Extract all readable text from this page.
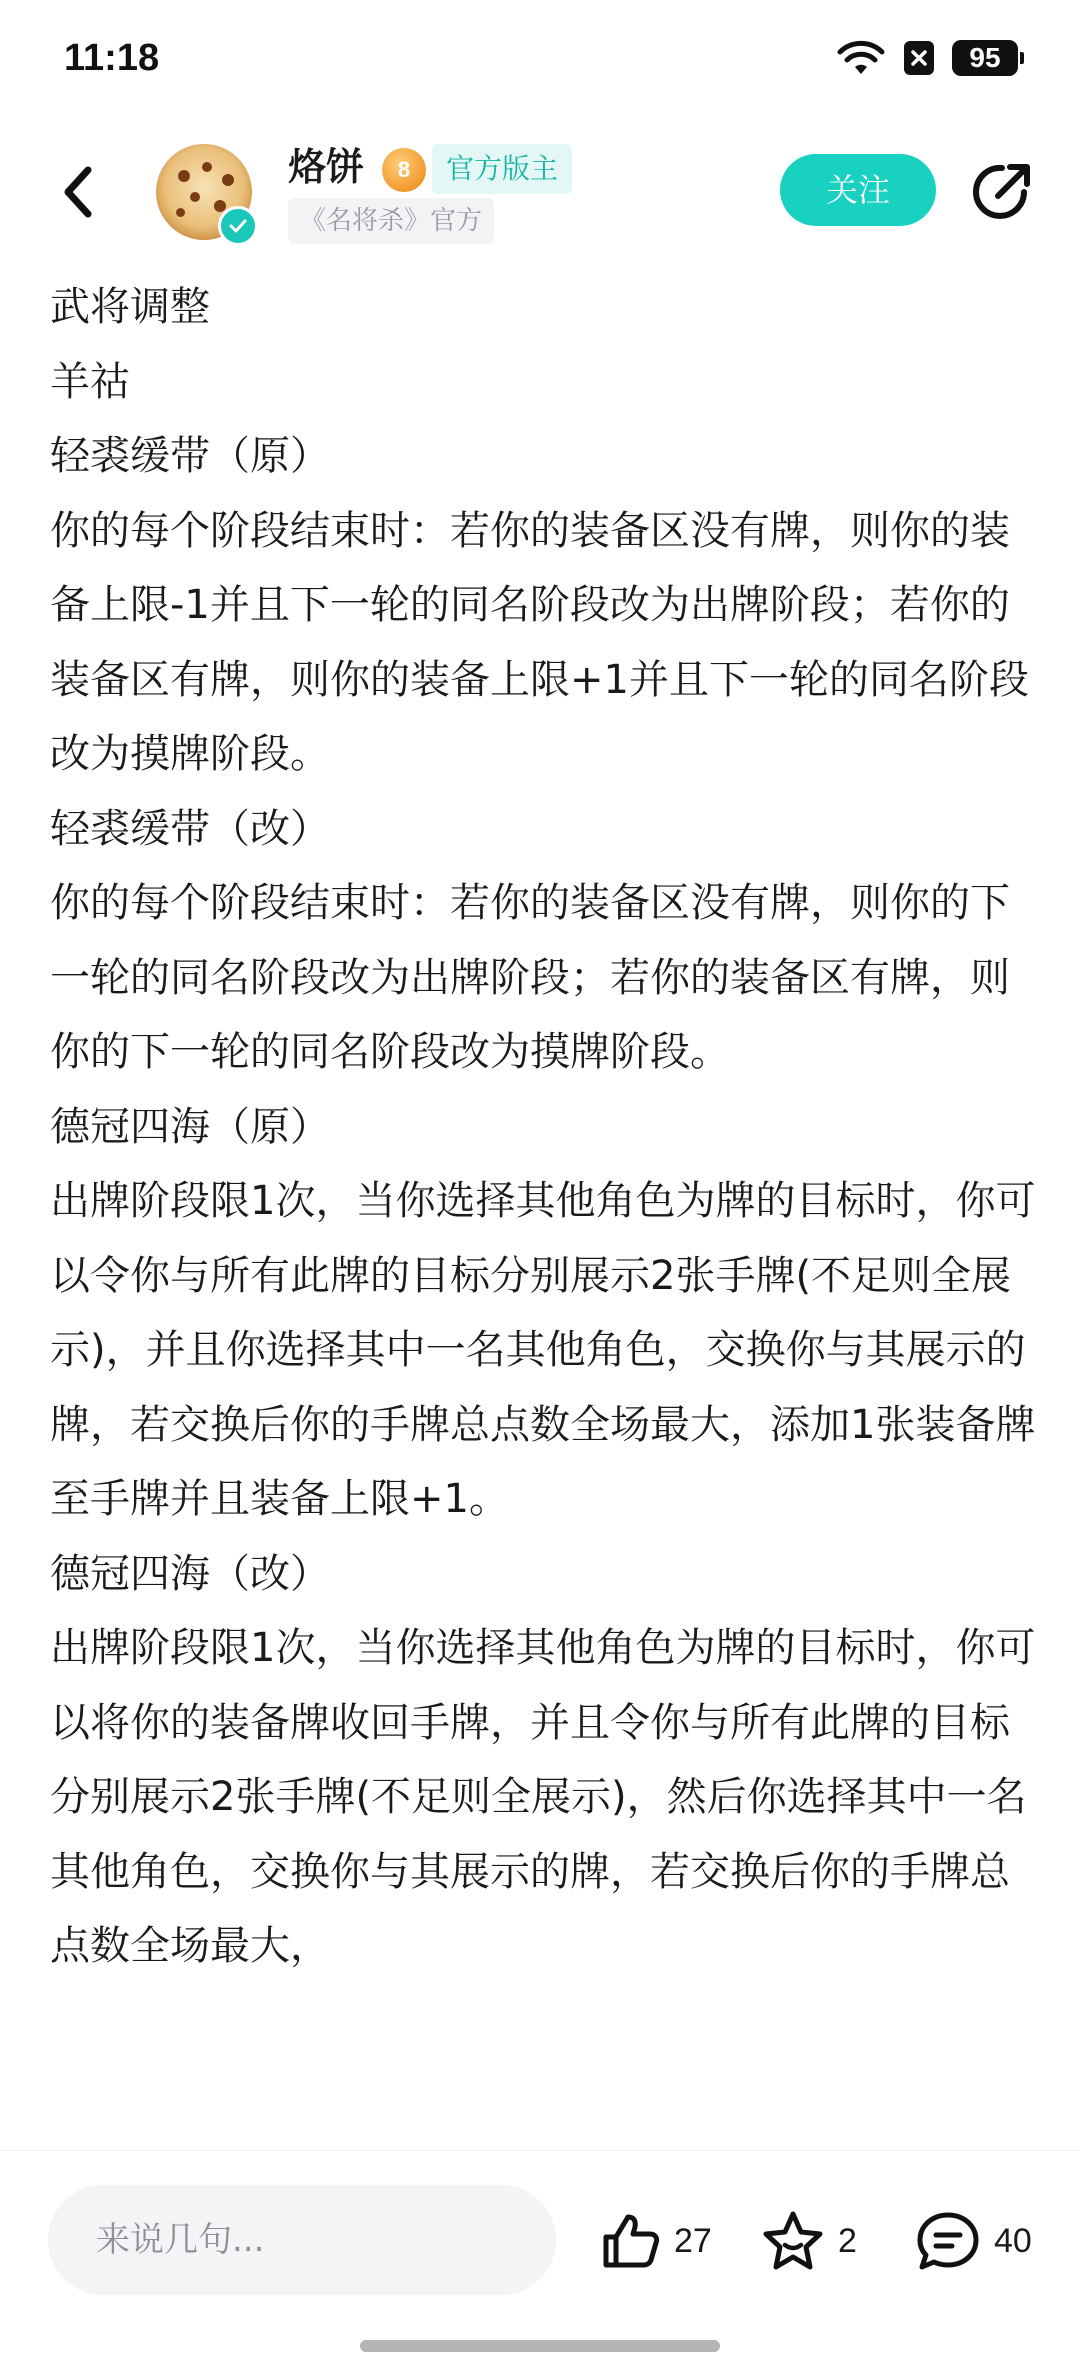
11:18	95
烙饼 8	官方版主
《名将杀》官方
关注

武将调整

羊祜

轻裘缓带（原）

你的每个阶段结束时：若你的装备区没有牌，则你的装备上限-1并且下一轮的同名阶段改为出牌阶段；若你的装备区有牌，则你的装备上限+1并且下一轮的同名阶段改为摸牌阶段。

轻裘缓带（改）

你的每个阶段结束时：若你的装备区没有牌，则你的下一轮的同名阶段改为出牌阶段；若你的装备区有牌，则你的下一轮的同名阶段改为摸牌阶段。

德冠四海（原）

出牌阶段限1次，当你选择其他角色为牌的目标时，你可以令你与所有此牌的目标分别展示2张手牌(不足则全展示)，并且你选择其中一名其他角色，交换你与其展示的牌，若交换后你的手牌总点数全场最大，添加1张装备牌至手牌并且装备上限+1。

德冠四海（改）

出牌阶段限1次，当你选择其他角色为牌的目标时，你可以将你的装备牌收回手牌，并且令你与所有此牌的目标分别展示2张手牌(不足则全展示)，然后你选择其中一名其他角色，交换你与其展示的牌，若交换后你的手牌总点数全场最大，

来说几句...
27	2	40
